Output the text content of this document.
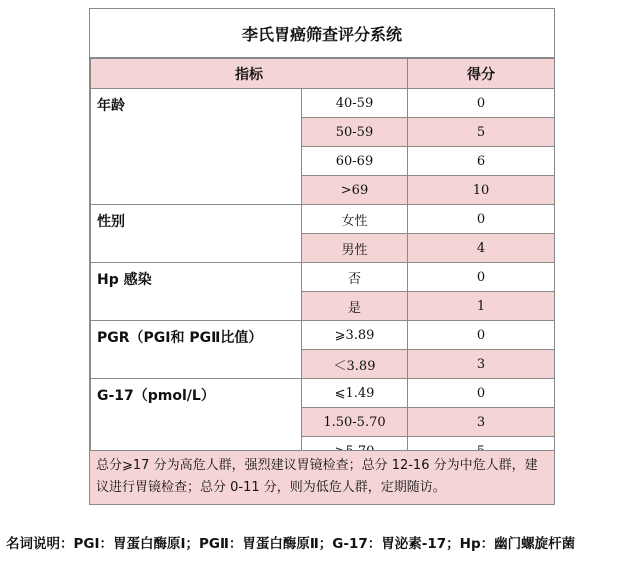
李氏胃癌筛查评分系统
指标		得分
年龄	40-59	0
	50-59	5
	60-69	6
	>69	10
性别	女性	0
	男性	4
Hp 感染	否	0
	是	1
PGR（PGⅠ和 PGⅡ比值）	⩾3.89	0
	＜3.89	3
G-17（pmol/L）	⩽1.49	0
	1.50-5.70	3

总分⩾17 分为高危人群，强烈建议胃镜检查；总分 12-16 分为中危人群，建议进行胃镜检查；总分 0-11 分，则为低危人群，定期随访。
名词说明：PGⅠ：胃蛋白酶原Ⅰ；PGⅡ：胃蛋白酶原Ⅱ；G-17：胃泌素-17；Hp：幽门螺旋杆菌
